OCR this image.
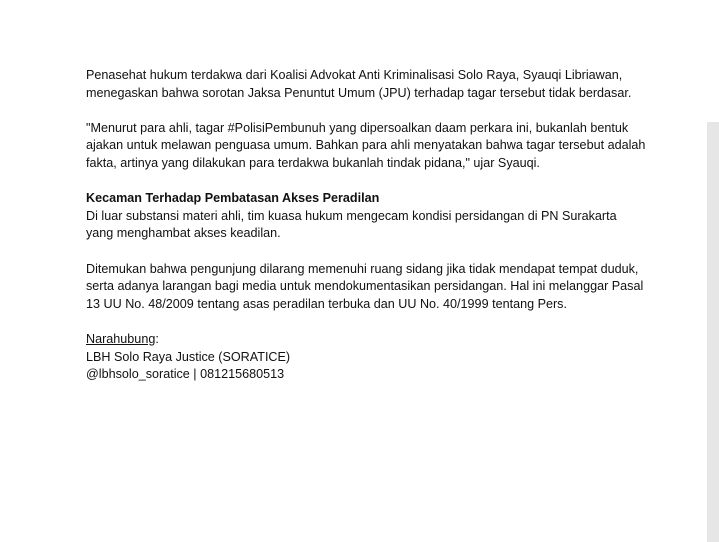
Penasehat hukum terdakwa dari Koalisi Advokat Anti Kriminalisasi Solo Raya, Syauqi Libriawan, menegaskan bahwa sorotan Jaksa Penuntut Umum (JPU) terhadap tagar tersebut tidak berdasar.

"Menurut para ahli, tagar #PolisiPembunuh yang dipersoalkan daam perkara ini, bukanlah bentuk ajakan untuk melawan penguasa umum. Bahkan para ahli menyatakan bahwa tagar tersebut adalah fakta, artinya yang dilakukan para terdakwa bukanlah tindak pidana," ujar Syauqi.

Kecaman Terhadap Pembatasan Akses Peradilan

Di luar substansi materi ahli, tim kuasa hukum mengecam kondisi persidangan di PN Surakarta yang menghambat akses keadilan.

Ditemukan bahwa pengunjung dilarang memenuhi ruang sidang jika tidak mendapat tempat duduk, serta adanya larangan bagi media untuk mendokumentasikan persidangan. Hal ini melanggar Pasal 13 UU No. 48/2009 tentang asas peradilan terbuka dan UU No. 40/1999 tentang Pers.

Narahubung:

LBH Solo Raya Justice (SORATICE)

@lbhsolo_soratice | 081215680513
